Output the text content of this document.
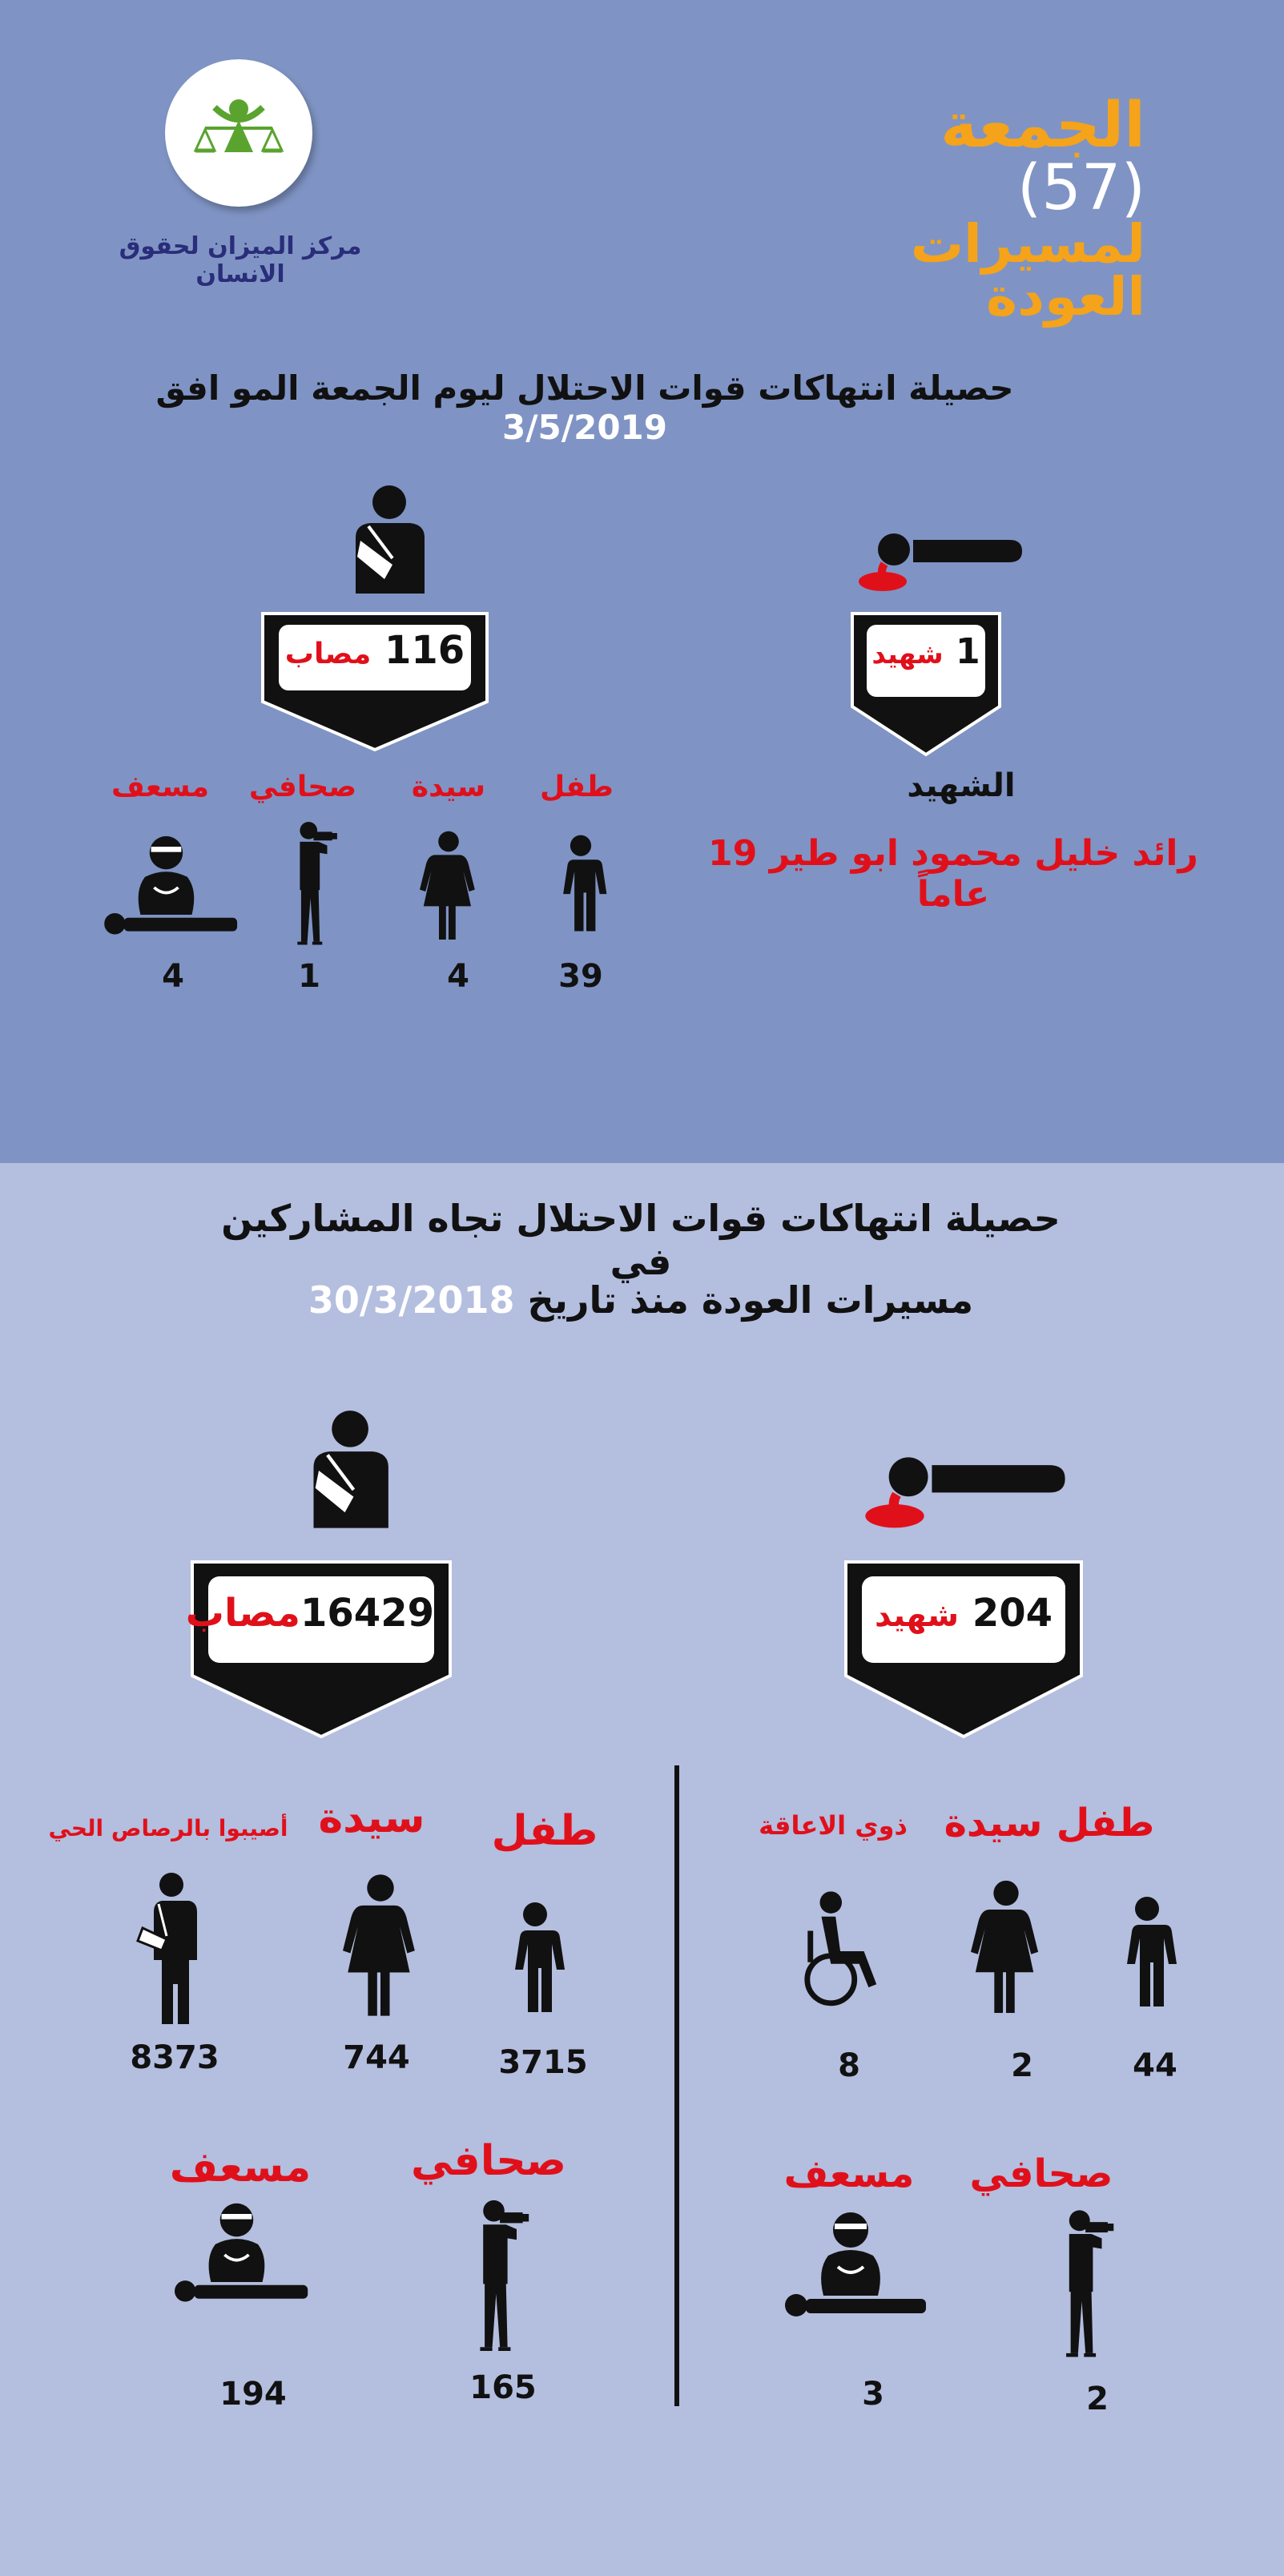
مركز الميزان لحقوق الانسان
الجمعة (57)
لمسيرات العودة
حصيلة انتهاكات قوات الاحتلال ليوم الجمعة المو افق 3/5/2019
116 مصاب	1 شهيد
الشهيد
رائد خليل محمود ابو طير 19 عاماً
طفل
39
سيدة
4
صحافي
1
مسعف
4
حصيلة انتهاكات قوات الاحتلال تجاه المشاركين في
مسيرات العودة منذ تاريخ 30/3/2018
16429مصاب	204 شهيد
طفل
44
سيدة
2
ذوي الاعاقة
8
صحافي
2
مسعف
3
طفل
3715
سيدة
744
أصيبوا بالرصاص الحي
8373
صحافي
165
مسعف
194
